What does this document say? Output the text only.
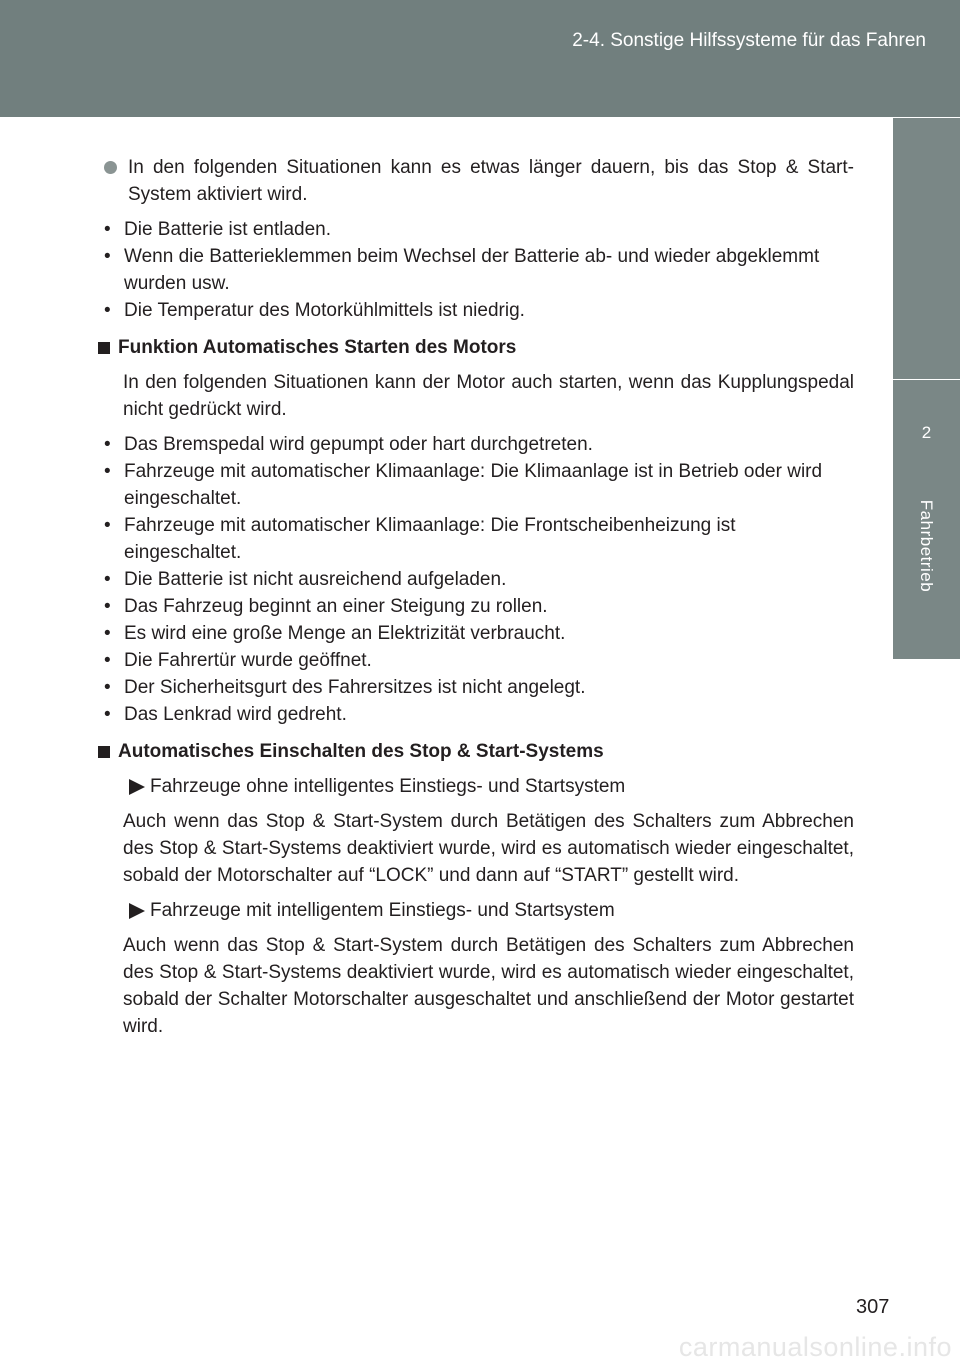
2-4. Sonstige Hilfssysteme für das Fahren
2
Fahrbetrieb

In den folgenden Situationen kann es etwas länger dauern, bis das Stop & Start-System aktiviert wird.

• Die Batterie ist entladen.
• Wenn die Batterieklemmen beim Wechsel der Batterie ab- und wieder abgeklemmt wurden usw.
• Die Temperatur des Motorkühlmittels ist niedrig.
Funktion Automatisches Starten des Motors

In den folgenden Situationen kann der Motor auch starten, wenn das Kupplungspedal nicht gedrückt wird.

• Das Bremspedal wird gepumpt oder hart durchgetreten.
• Fahrzeuge mit automatischer Klimaanlage: Die Klimaanlage ist in Betrieb oder wird eingeschaltet.
• Fahrzeuge mit automatischer Klimaanlage: Die Frontscheibenheizung ist eingeschaltet.
• Die Batterie ist nicht ausreichend aufgeladen.
• Das Fahrzeug beginnt an einer Steigung zu rollen.
• Es wird eine große Menge an Elektrizität verbraucht.
• Die Fahrertür wurde geöffnet.
• Der Sicherheitsgurt des Fahrersitzes ist nicht angelegt.
• Das Lenkrad wird gedreht.
Automatisches Einschalten des Stop & Start-Systems
Fahrzeuge ohne intelligentes Einstiegs- und Startsystem

Auch wenn das Stop & Start-System durch Betätigen des Schalters zum Abbrechen des Stop & Start-Systems deaktiviert wurde, wird es automatisch wieder eingeschaltet, sobald der Motorschalter auf “LOCK” und dann auf “START” gestellt wird.

Fahrzeuge mit intelligentem Einstiegs- und Startsystem

Auch wenn das Stop & Start-System durch Betätigen des Schalters zum Abbrechen des Stop & Start-Systems deaktiviert wurde, wird es automatisch wieder eingeschaltet, sobald der Schalter Motorschalter ausgeschaltet und anschließend der Motor gestartet wird.

307
carmanualsonline.info
